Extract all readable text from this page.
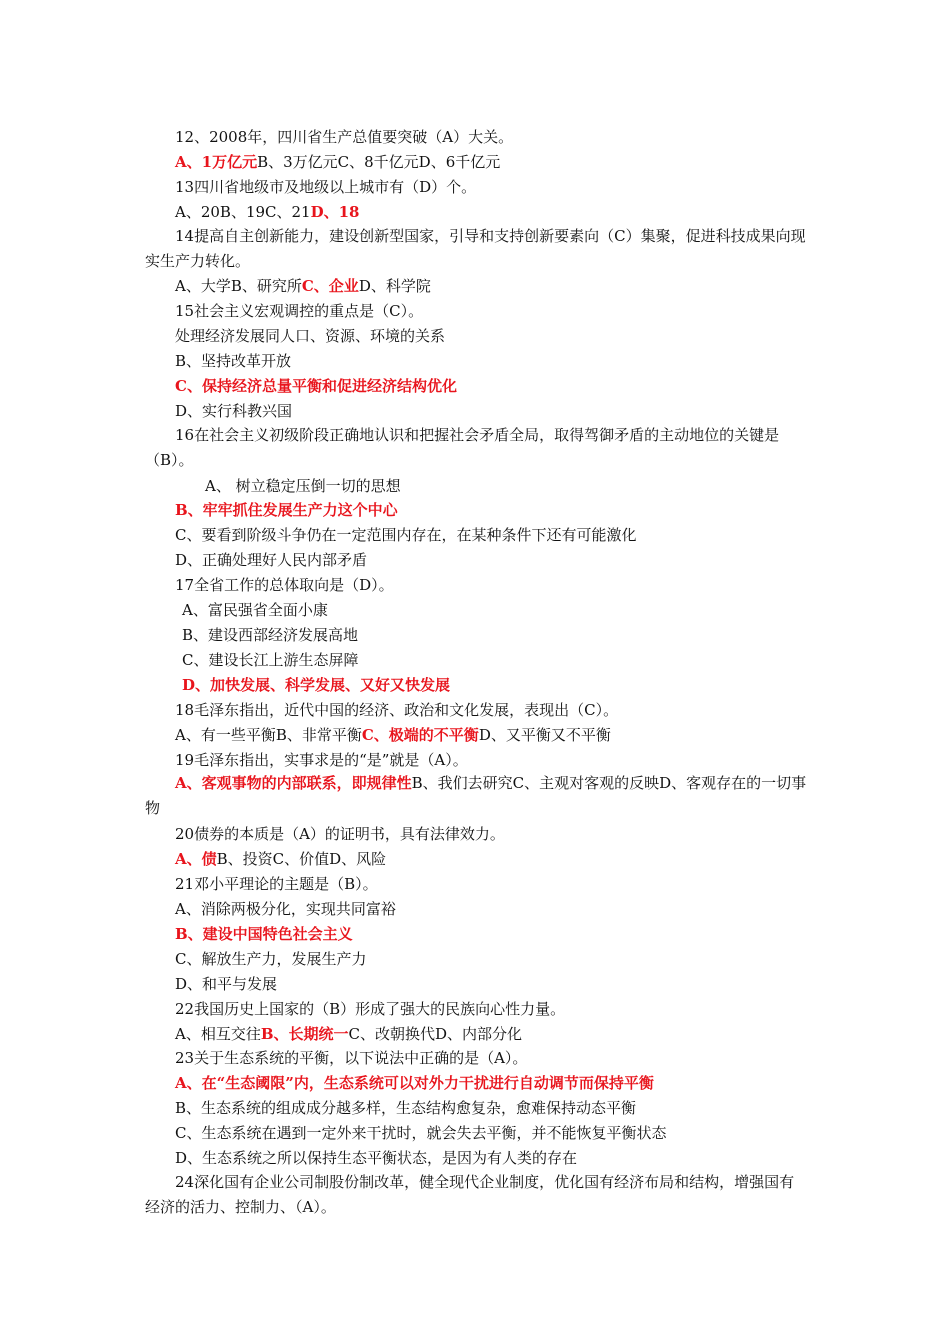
12、2008年，四川省生产总值要突破（A）大关。
A、1万亿元B、3万亿元C、8千亿元D、6千亿元
13四川省地级市及地级以上城市有（D）个。
A、20B、19C、21D、18
14提高自主创新能力，建设创新型国家，引导和支持创新要素向（C）集聚，促进科技成果向现实生产力转化。
A、大学B、研究所C、企业D、科学院
15社会主义宏观调控的重点是（C）。
处理经济发展同人口、资源、环境的关系
B、坚持改革开放
C、保持经济总量平衡和促进经济结构优化
D、实行科教兴国
16在社会主义初级阶段正确地认识和把握社会矛盾全局，取得驾御矛盾的主动地位的关键是（B）。
A、 树立稳定压倒一切的思想
B、牢牢抓住发展生产力这个中心
C、要看到阶级斗争仍在一定范围内存在，在某种条件下还有可能激化
D、正确处理好人民内部矛盾
17全省工作的总体取向是（D）。
A、富民强省全面小康
B、建设西部经济发展高地
C、建设长江上游生态屏障
D、加快发展、科学发展、又好又快发展
18毛泽东指出，近代中国的经济、政治和文化发展，表现出（C）。
A、有一些平衡B、非常平衡C、极端的不平衡D、又平衡又不平衡
19毛泽东指出，实事求是的“是”就是（A）。
A、客观事物的内部联系，即规律性B、我们去研究C、主观对客观的反映D、客观存在的一切事物
20债券的本质是（A）的证明书，具有法律效力。
A、债B、投资C、价值D、风险
21邓小平理论的主题是（B）。
A、消除两极分化，实现共同富裕
B、建设中国特色社会主义
C、解放生产力，发展生产力
D、和平与发展
22我国历史上国家的（B）形成了强大的民族向心性力量。
A、相互交往B、长期统一C、改朝换代D、内部分化
23关于生态系统的平衡，以下说法中正确的是（A）。
A、在“生态阈限”内，生态系统可以对外力干扰进行自动调节而保持平衡
B、生态系统的组成成分越多样，生态结构愈复杂，愈难保持动态平衡
C、生态系统在遇到一定外来干扰时，就会失去平衡，并不能恢复平衡状态
D、生态系统之所以保持生态平衡状态，是因为有人类的存在
24深化国有企业公司制股份制改革，健全现代企业制度，优化国有经济布局和结构，增强国有经济的活力、控制力、（A）。
